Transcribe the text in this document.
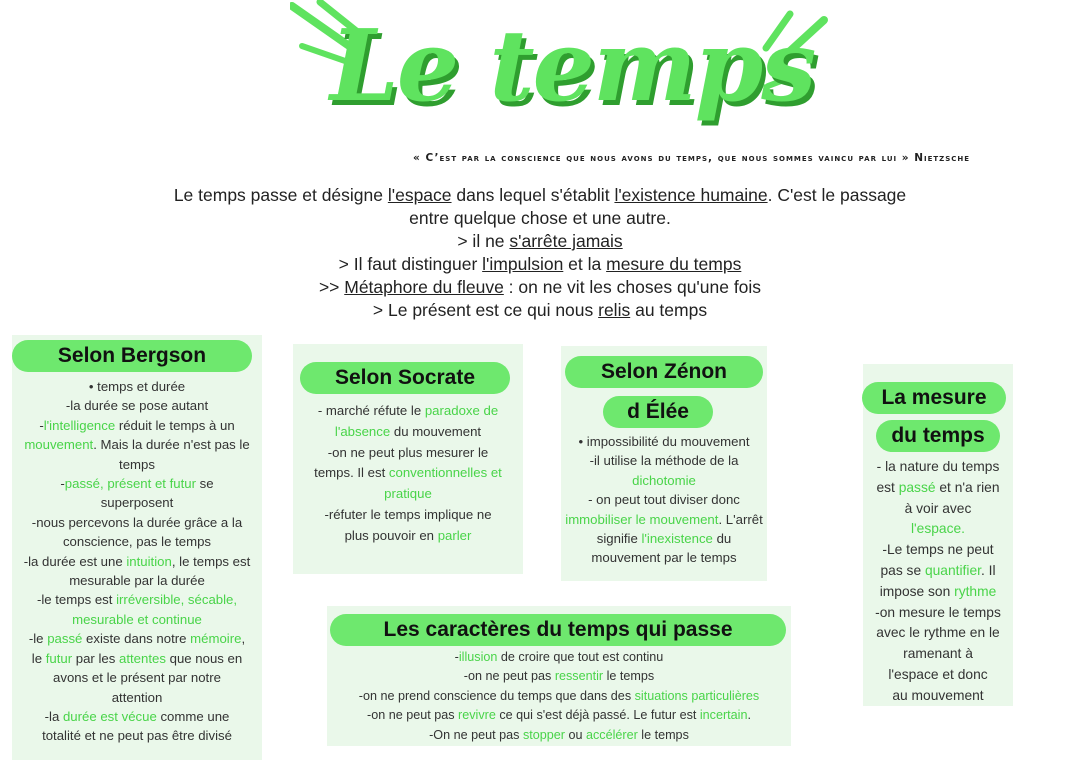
Le temps
« C’est par la conscience que nous avons du temps, que nous sommes vaincu par lui » Nietzsche
Le temps passe et désigne l'espace dans lequel s'établit l'existence humaine. C'est le passage
entre quelque chose et une autre.
> il ne s'arrête jamais
> Il faut distinguer l'impulsion et la mesure du temps
>> Métaphore du fleuve : on ne vit les choses qu'une fois
> Le présent est ce qui nous relis au temps
Selon Bergson
• temps et durée
-la durée se pose autant
-l'intelligence réduit le temps à un
mouvement. Mais la durée n'est pas le
temps
-passé, présent et futur se
superposent
-nous percevons la durée grâce a la
conscience, pas le temps
-la durée est une intuition, le temps est
mesurable par la durée
-le temps est irréversible, sécable,
mesurable et continue
-le passé existe dans notre mémoire,
le futur par les attentes que nous en
avons et le présent par notre
attention
-la durée est vécue comme une
totalité et ne peut pas être divisé
Selon Socrate
- marché réfute le paradoxe de
l'absence du mouvement
-on ne peut plus mesurer le
temps. Il est conventionnelles et
pratique
-réfuter le temps implique ne
plus pouvoir en parler
Selon Zénon
d Élée
• impossibilité du mouvement
-il utilise la méthode de la
dichotomie
- on peut tout diviser donc
immobiliser le mouvement. L'arrêt
signifie l'inexistence du
mouvement par le temps
La mesure
du temps
- la nature du temps
est passé et n'a rien
à voir avec
l'espace.
-Le temps ne peut
pas se quantifier. Il
impose son rythme
-on mesure le temps
avec le rythme en le
ramenant à
l'espace et donc
au mouvement
Les caractères du temps qui passe
-illusion de croire que tout est continu
-on ne peut pas ressentir le temps
-on ne prend conscience du temps que dans des situations particulières
-on ne peut pas revivre ce qui s'est déjà passé. Le futur est incertain.
-On ne peut pas stopper ou accélérer le temps
